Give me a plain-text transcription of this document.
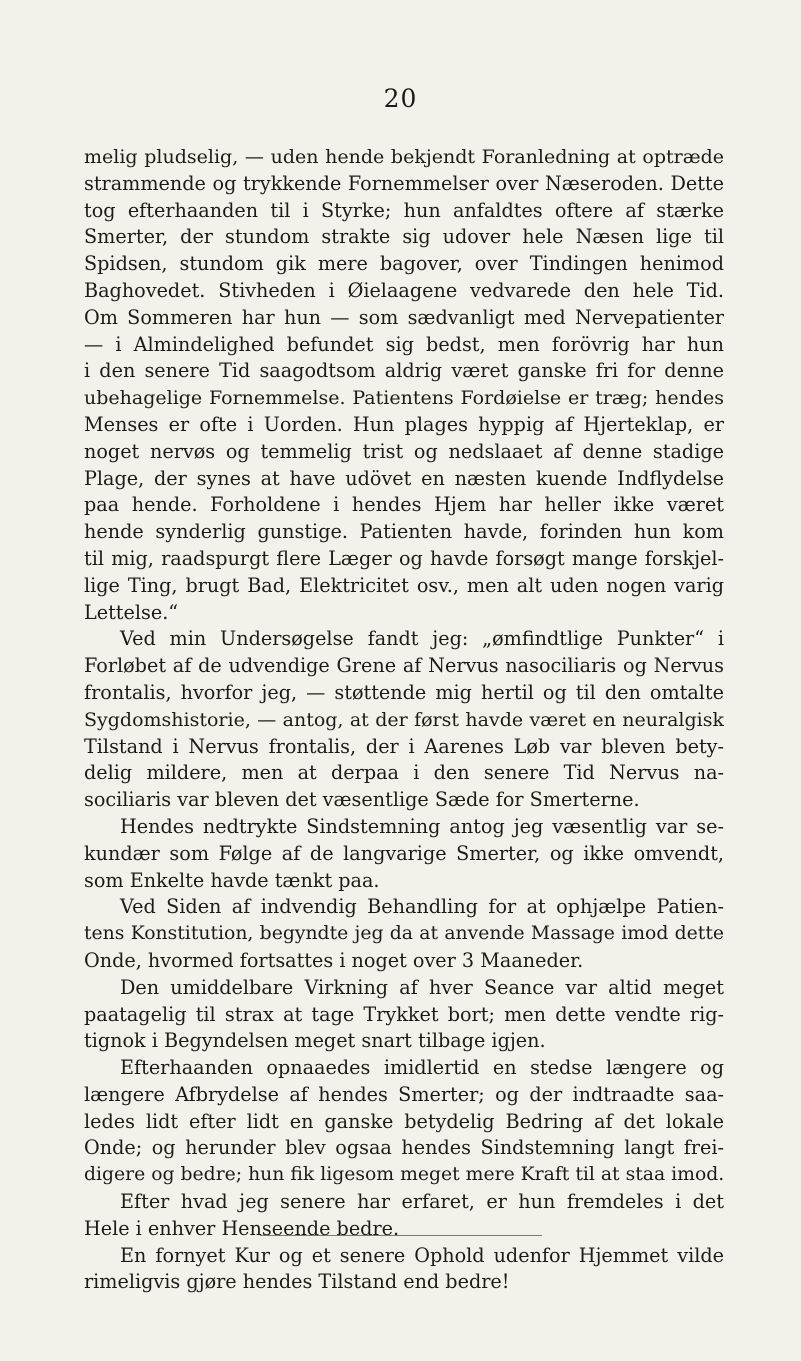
20
melig pludselig, — uden hende bekjendt Foranledning at optræde
strammende og trykkende Fornemmelser over Næseroden. Dette
tog efterhaanden til i Styrke; hun anfaldtes oftere af stærke
Smerter, der stundom strakte sig udover hele Næsen lige til
Spidsen, stundom gik mere bagover, over Tindingen henimod
Baghovedet. Stivheden i Øielaagene vedvarede den hele Tid.
Om Sommeren har hun — som sædvanligt med Nervepatienter
— i Almindelighed befundet sig bedst, men forövrig har hun
i den senere Tid saagodtsom aldrig været ganske fri for denne
ubehagelige Fornemmelse. Patientens Fordøielse er træg; hendes
Menses er ofte i Uorden. Hun plages hyppig af Hjerteklap, er
noget nervøs og temmelig trist og nedslaaet af denne stadige
Plage, der synes at have udövet en næsten kuende Indflydelse
paa hende. Forholdene i hendes Hjem har heller ikke været
hende synderlig gunstige. Patienten havde, forinden hun kom
til mig, raadspurgt flere Læger og havde forsøgt mange forskjel-
lige Ting, brugt Bad, Elektricitet osv., men alt uden nogen varig
Lettelse.“
Ved min Undersøgelse fandt jeg: „ømfindtlige Punkter“ i
Forløbet af de udvendige Grene af Nervus nasociliaris og Nervus
frontalis, hvorfor jeg, — støttende mig hertil og til den omtalte
Sygdomshistorie, — antog, at der først havde været en neuralgisk
Tilstand i Nervus frontalis, der i Aarenes Løb var bleven bety-
delig mildere, men at derpaa i den senere Tid Nervus na-
sociliaris var bleven det væsentlige Sæde for Smerterne.
Hendes nedtrykte Sindstemning antog jeg væsentlig var se-
kundær som Følge af de langvarige Smerter, og ikke omvendt,
som Enkelte havde tænkt paa.
Ved Siden af indvendig Behandling for at ophjælpe Patien-
tens Konstitution, begyndte jeg da at anvende Massage imod dette
Onde, hvormed fortsattes i noget over 3 Maaneder.
Den umiddelbare Virkning af hver Seance var altid meget
paatagelig til strax at tage Trykket bort; men dette vendte rig-
tignok i Begyndelsen meget snart tilbage igjen.
Efterhaanden opnaaedes imidlertid en stedse længere og
længere Afbrydelse af hendes Smerter; og der indtraadte saa-
ledes lidt efter lidt en ganske betydelig Bedring af det lokale
Onde; og herunder blev ogsaa hendes Sindstemning langt frei-
digere og bedre; hun fik ligesom meget mere Kraft til at staa imod.
Efter hvad jeg senere har erfaret, er hun fremdeles i det
Hele i enhver Henseende bedre.
En fornyet Kur og et senere Ophold udenfor Hjemmet vilde
rimeligvis gjøre hendes Tilstand end bedre!
